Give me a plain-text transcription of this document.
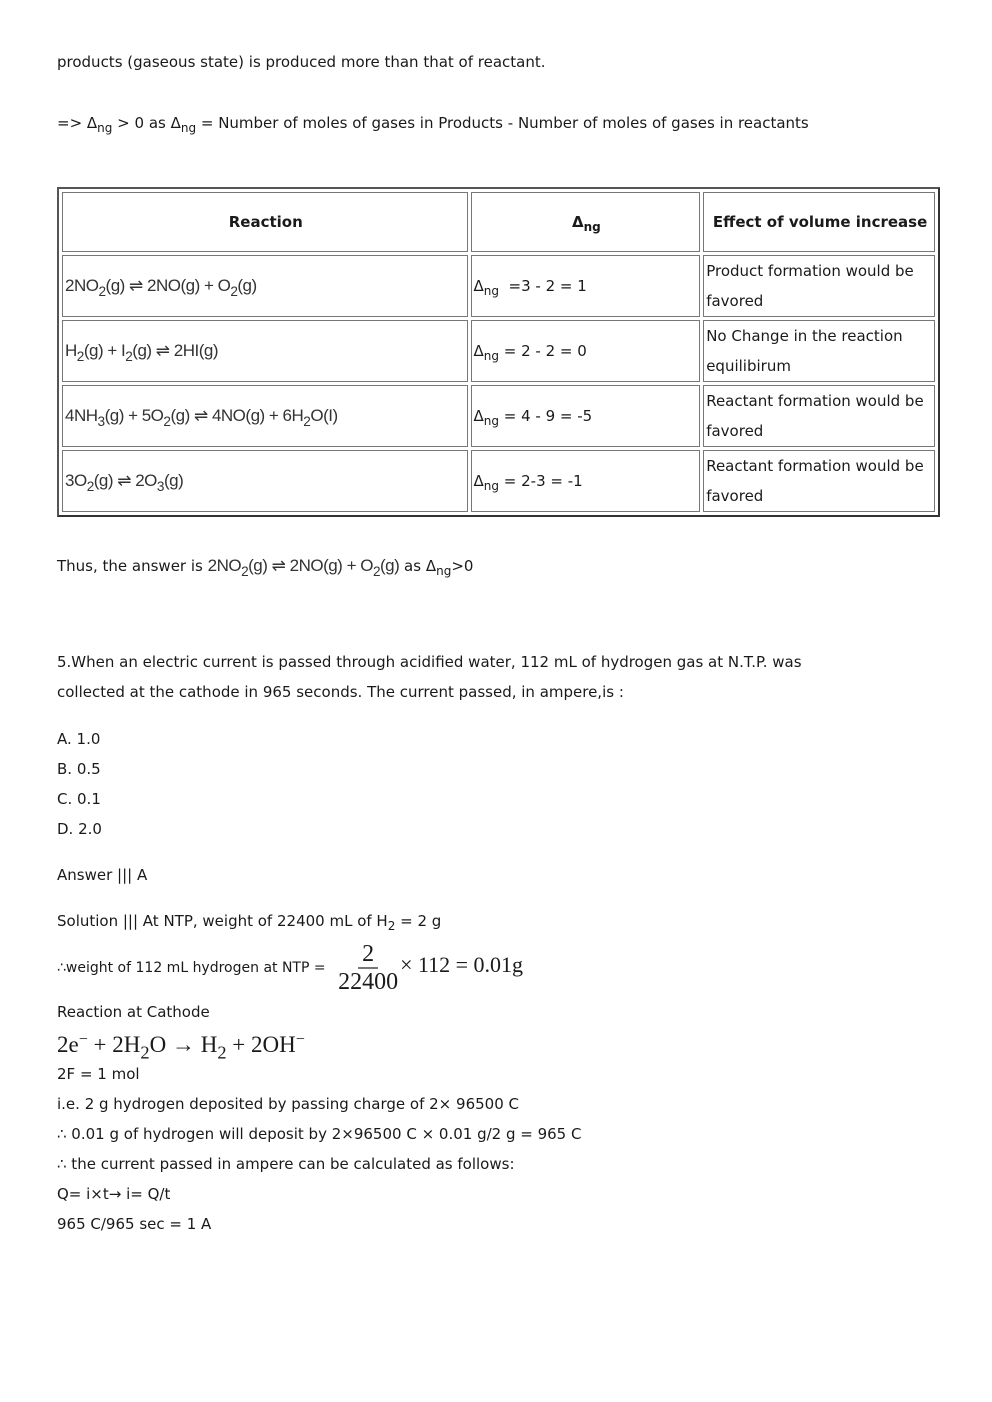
products (gaseous state) is produced more than that of reactant.
=> $\Delta_{ng} > 0$ as $\Delta_{ng}$ = Number of moles of gases in Products - Number of moles of gases in reactants
Reaction	$\Delta_{ng}$	Effect of volume increase
$2NO_2(g)$ ⇌ $2NO(g) + O_2(g)$	$\Delta_{ng} =3 - 2 = 1$	Product formation would be favored
$H_2(g) + I_2(g)$ ⇌ 2HI(g)	$\Delta_{ng} = 2 - 2 = 0$	No Change in the reaction equilibirum
$4NH_3(g) + 5O_2(g)$ ⇌ $4NO(g) + 6H_2O(I)$	$\Delta_{ng} = 4 - 9 = -5$	Reactant formation would be favored
$3O_2(g)$ ⇌ $2O_3(g)$	$\Delta_{ng} = 2-3 = -1$	Reactant formation would be favored
Thus, the answer is $2NO_2(g)$ ⇌ $2NO(g) + O_2(g)$ as $\Delta_{ng}>0$
5.When an electric current is passed through acidified water, 112 mL of hydrogen gas at N.T.P. was
collected at the cathode in 965 seconds. The current passed, in ampere,is :
A. 1.0
B. 0.5
C. 0.1
D. 2.0
Answer ||| A
Solution ||| At NTP, weight of 22400 mL of $H_2 = 2$ g
∴weight of 112 mL hydrogen at NTP = $\frac{2}{22400} \times 112 = 0.01g$
Reaction at Cathode
$2e^- + 2H_2O \to H_2 + 2OH^-$
2F = 1 mol
i.e. 2 g hydrogen deposited by passing charge of 2× 96500 C
∴ 0.01 g of hydrogen will deposit by 2×96500 C × 0.01 g/2 g = 965 C
∴ the current passed in ampere can be calculated as follows:
Q= i×t→ i= Q/t
965 C/965 sec = 1 A
